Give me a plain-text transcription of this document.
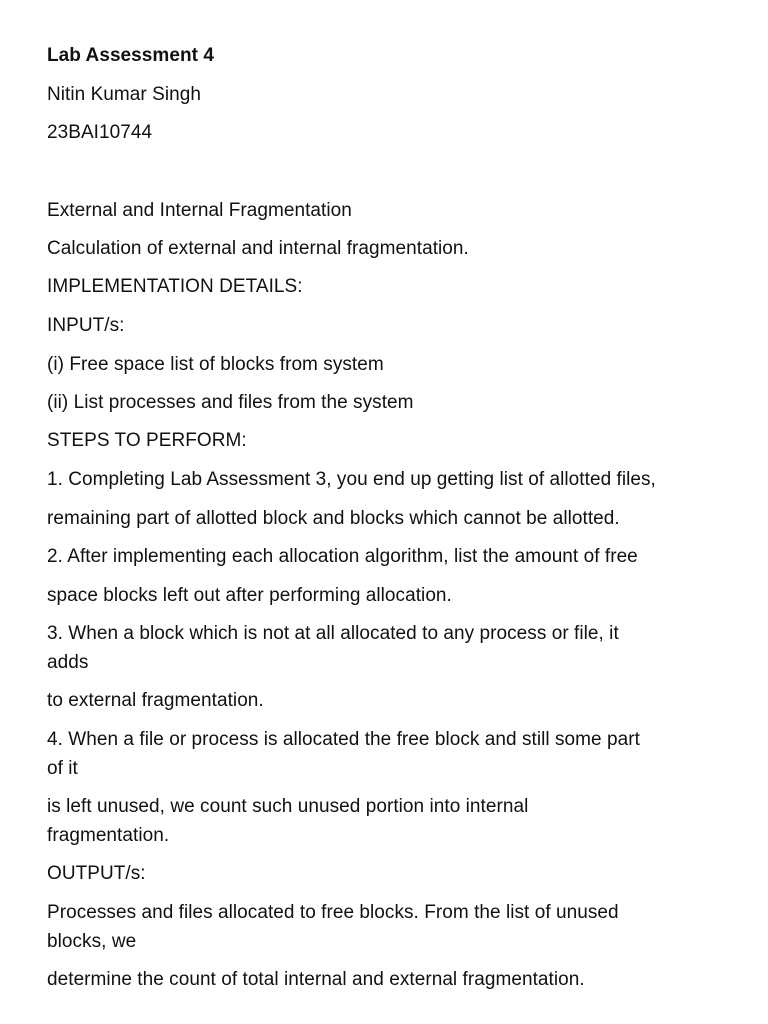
Lab Assessment 4
Nitin Kumar Singh
23BAI10744
External and Internal Fragmentation
Calculation of external and internal fragmentation.
IMPLEMENTATION DETAILS:
INPUT/s:
(i) Free space list of blocks from system
(ii) List processes and files from the system
STEPS TO PERFORM:
1. Completing Lab Assessment 3, you end up getting list of allotted files,
remaining part of allotted block and blocks which cannot be allotted.
2. After implementing each allocation algorithm, list the amount of free
space blocks left out after performing allocation.
3. When a block which is not at all allocated to any process or file, it
adds
to external fragmentation.
4. When a file or process is allocated the free block and still some part
of it
is left unused, we count such unused portion into internal
fragmentation.
OUTPUT/s:
Processes and files allocated to free blocks. From the list of unused
blocks, we
determine the count of total internal and external fragmentation.
